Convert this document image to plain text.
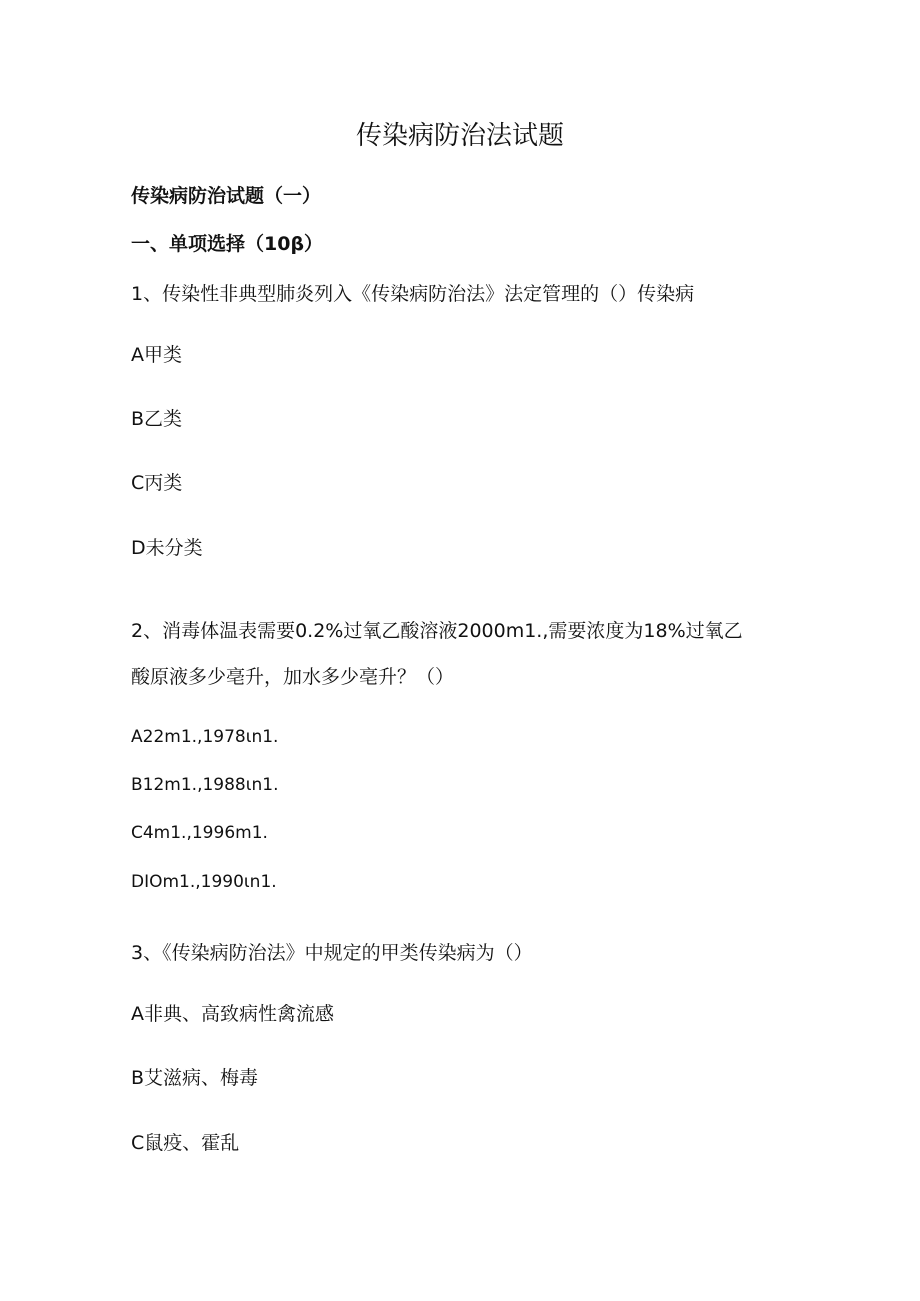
传染病防治法试题
传染病防治试题（一）
一、单项选择（10β）
1、传染性非典型肺炎列入《传染病防治法》法定管理的（）传染病
A甲类
B乙类
C丙类
D未分类
2、消毒体温表需要0.2%过氧乙酸溶液2000m1.,需要浓度为18%过氧乙
酸原液多少亳升，加水多少亳升？（）
A22m1.,1978ιn1.
B12m1.,1988ιn1.
C4m1.,1996m1.
DIOm1.,1990ιn1.
3、《传染病防治法》中规定的甲类传染病为（）
A非典、高致病性禽流感
B艾滋病、梅毒
C鼠疫、霍乱
